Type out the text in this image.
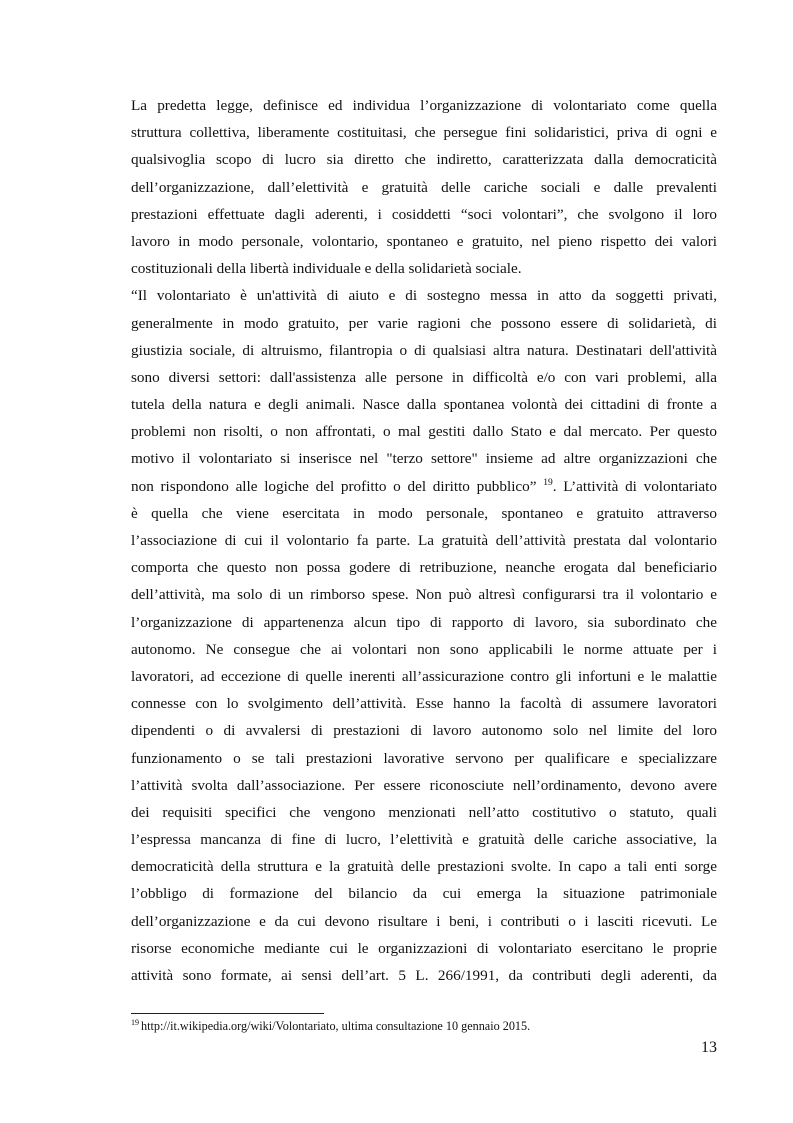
La predetta legge, definisce ed individua l’organizzazione di volontariato come quella
struttura collettiva, liberamente costituitasi, che persegue fini solidaristici, priva di ogni e
qualsivoglia scopo di lucro sia diretto che indiretto, caratterizzata dalla democraticità
dell’organizzazione, dall’elettività e gratuità delle cariche sociali e dalle prevalenti
prestazioni effettuate dagli aderenti, i cosiddetti “soci volontari”, che svolgono il loro
lavoro in modo personale, volontario, spontaneo e gratuito, nel pieno rispetto dei valori
costituzionali della libertà individuale e della solidarietà sociale.
“Il volontariato è un'attività di aiuto e di sostegno messa in atto da soggetti privati,
generalmente in modo gratuito, per varie ragioni che possono essere di solidarietà, di
giustizia sociale, di altruismo, filantropia o di qualsiasi altra natura. Destinatari dell'attività
sono diversi settori: dall'assistenza alle persone in difficoltà e/o con vari problemi, alla
tutela della natura e degli animali. Nasce dalla spontanea volontà dei cittadini di fronte a
problemi non risolti, o non affrontati, o mal gestiti dallo Stato e dal mercato. Per questo
motivo il volontariato si inserisce nel "terzo settore" insieme ad altre organizzazioni che
non rispondono alle logiche del profitto o del diritto pubblico” $^{19}$. L’attività di volontariato
è quella che viene esercitata in modo personale, spontaneo e gratuito attraverso
l’associazione di cui il volontario fa parte. La gratuità dell’attività prestata dal volontario
comporta che questo non possa godere di retribuzione, neanche erogata dal beneficiario
dell’attività, ma solo di un rimborso spese. Non può altresì configurarsi tra il volontario e
l’organizzazione di appartenenza alcun tipo di rapporto di lavoro, sia subordinato che
autonomo. Ne consegue che ai volontari non sono applicabili le norme attuate per i
lavoratori, ad eccezione di quelle inerenti all’assicurazione contro gli infortuni e le malattie
connesse con lo svolgimento dell’attività. Esse hanno la facoltà di assumere lavoratori
dipendenti o di avvalersi di prestazioni di lavoro autonomo solo nel limite del loro
funzionamento o se tali prestazioni lavorative servono per qualificare e specializzare
l’attività svolta dall’associazione. Per essere riconosciute nell’ordinamento, devono avere
dei requisiti specifici che vengono menzionati nell’atto costitutivo o statuto, quali
l’espressa mancanza di fine di lucro, l’elettività e gratuità delle cariche associative, la
democraticità della struttura e la gratuità delle prestazioni svolte. In capo a tali enti sorge
l’obbligo di formazione del bilancio da cui emerga la situazione patrimoniale
dell’organizzazione e da cui devono risultare i beni, i contributi o i lasciti ricevuti. Le
risorse economiche mediante cui le organizzazioni di volontariato esercitano le proprie
attività sono formate, ai sensi dell’art. 5 L. 266/1991, da contributi degli aderenti, da
$^{19}$ http://it.wikipedia.org/wiki/Volontariato, ultima consultazione 10 gennaio 2015.
13
